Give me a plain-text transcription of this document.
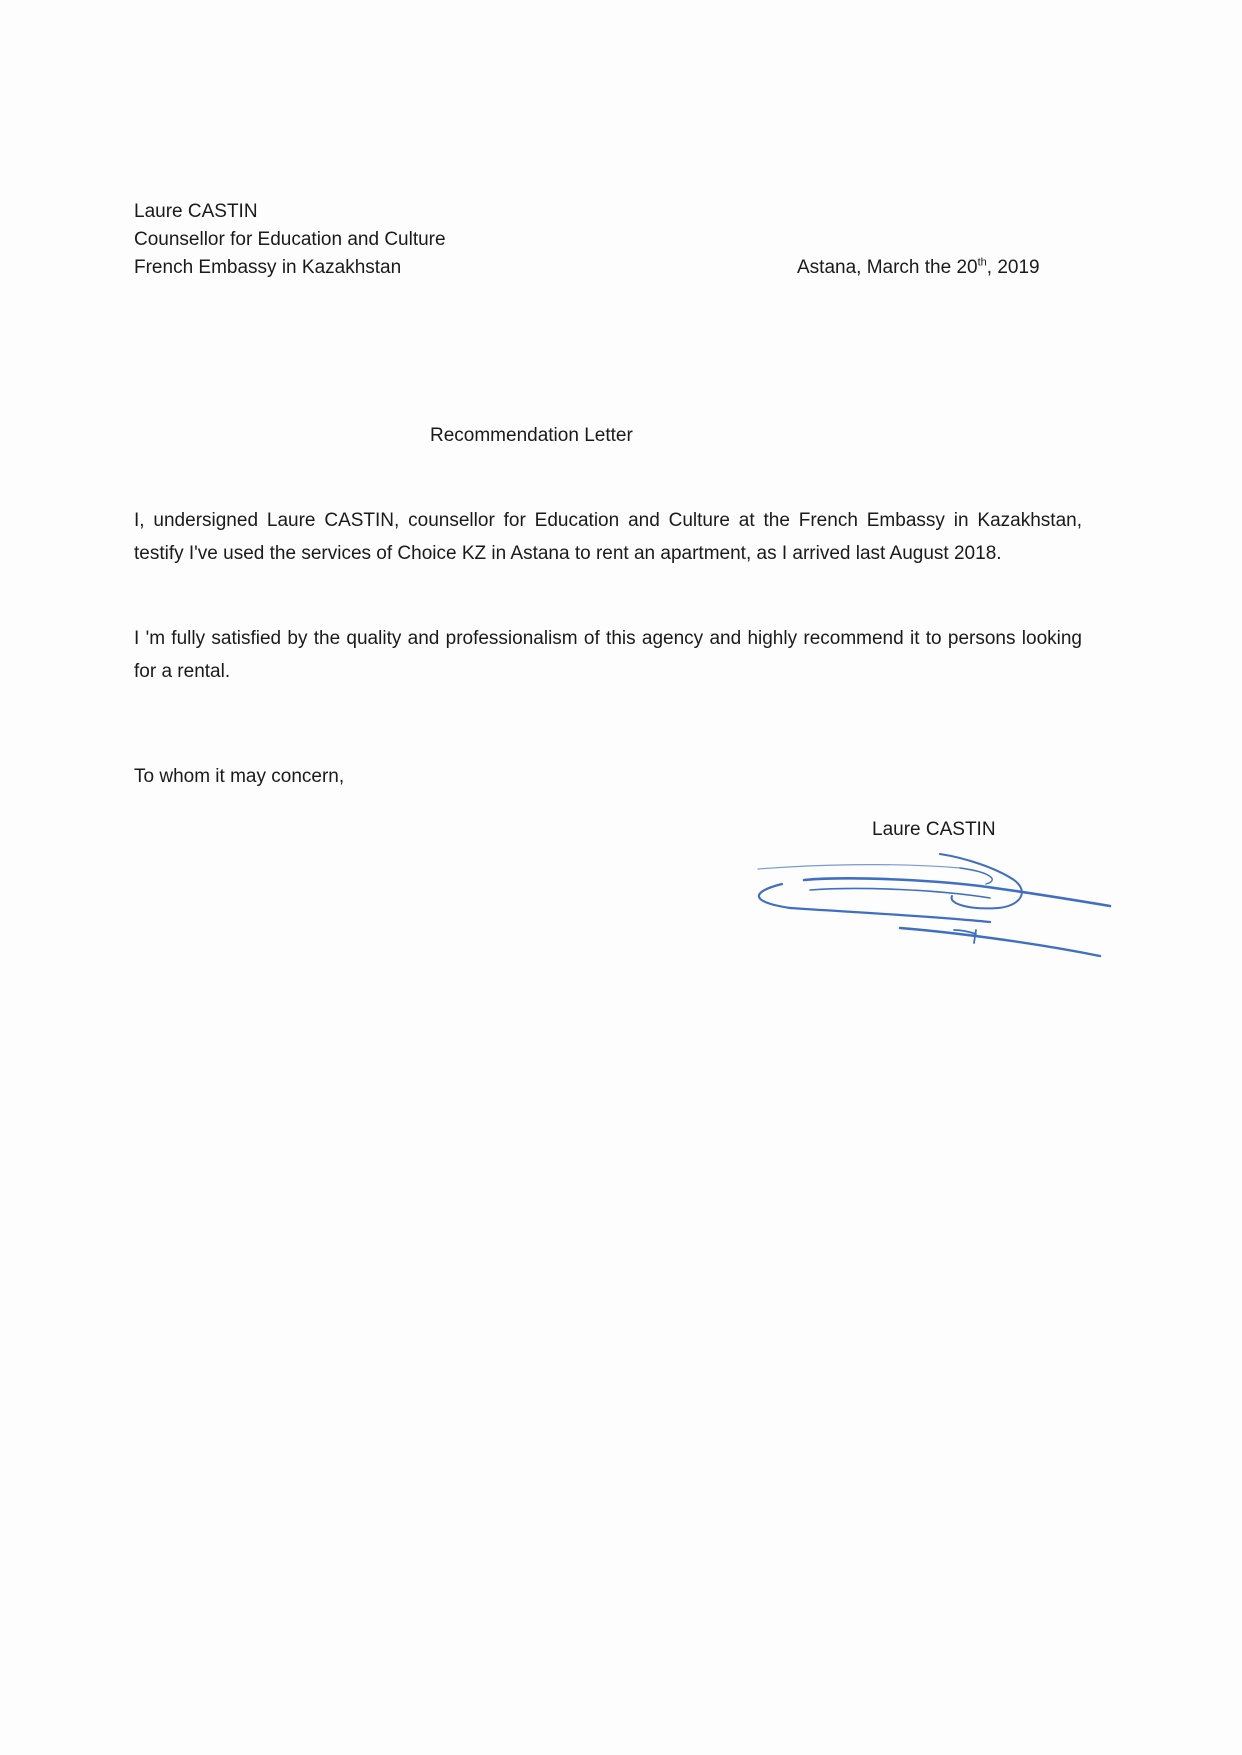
Laure CASTIN
Counsellor for Education and Culture
French Embassy in Kazakhstan	Astana, March the 20th, 2019
Recommendation Letter

I, undersigned Laure CASTIN, counsellor for Education and Culture at the French Embassy in Kazakhstan, testify I've used the services of Choice KZ in Astana to rent an apartment, as I arrived last August 2018.

I 'm fully satisfied by the quality and professionalism of this agency and highly recommend it to persons looking for a rental.

To whom it may concern,
Laure CASTIN
